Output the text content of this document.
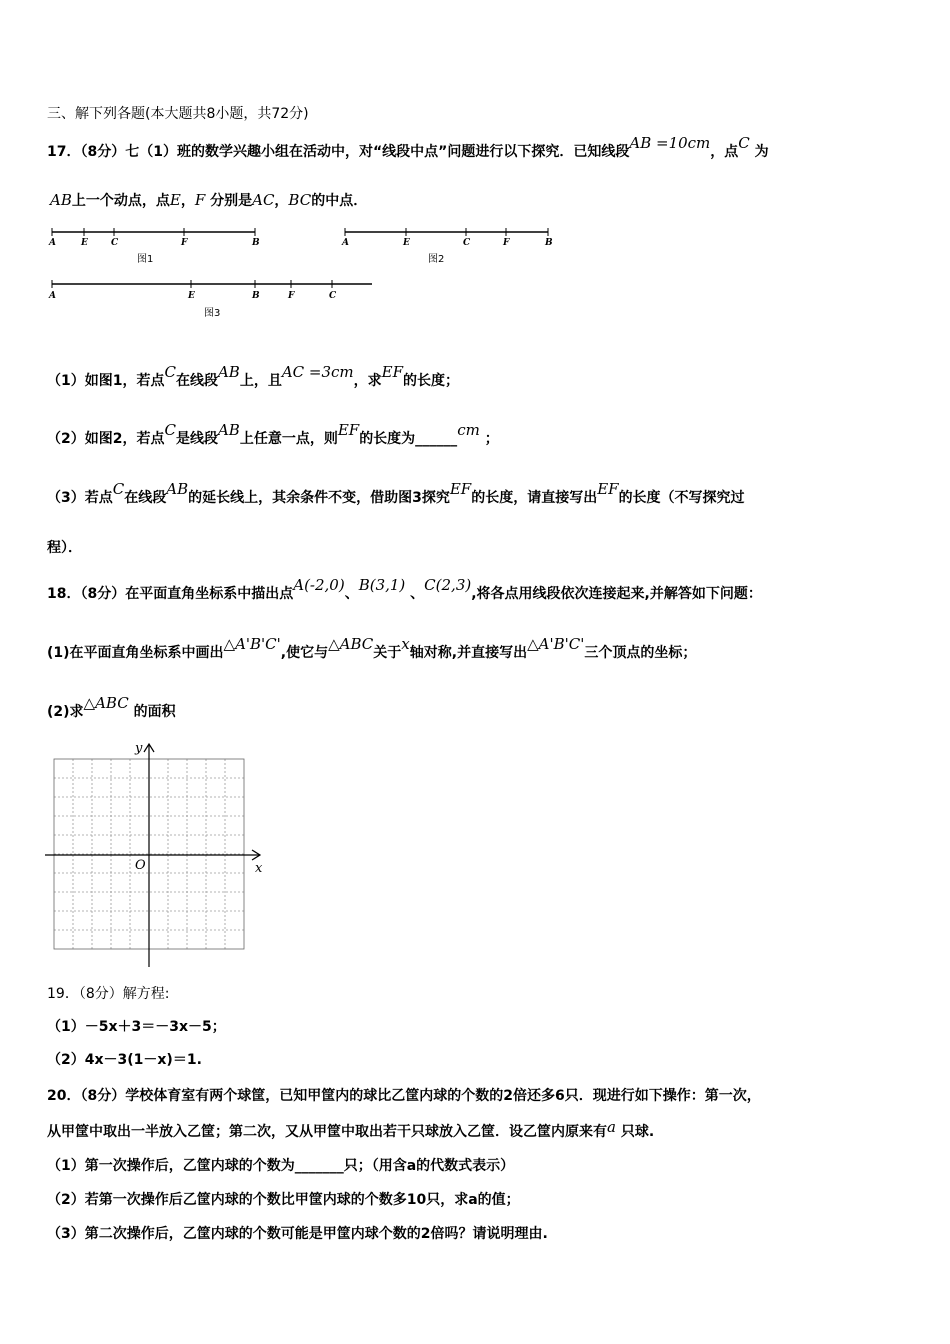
三、解下列各题(本大题共8小题，共72分)
17．（8分）七（1）班的数学兴趣小组在活动中，对“线段中点”问题进行以下探究．已知线段AB =10cm，点C 为
AB上一个动点，点E，F 分别是AC，BC的中点．
A	E	C	F	B
图1
A	E	C	F	B
图2
A	E	B	F	C
图3
（1）如图1，若点C在线段AB上，且AC =3cm，求EF的长度；
（2）如图2，若点C是线段AB上任意一点，则EF的长度为______cm ；
（3）若点C在线段AB的延长线上，其余条件不变，借助图3探究EF的长度，请直接写出EF的长度（不写探究过
程）．
18．（8分）在平面直角坐标系中描出点A(-2,0)、B(3,1) 、C(2,3),将各点用线段依次连接起来,并解答如下问题：
(1)在平面直角坐标系中画出△A'B'C',使它与△ABC关于x轴对称,并直接写出△A'B'C'三个顶点的坐标；
(2)求△ABC 的面积
x
y
O
19．（8分）解方程:
（1）－5x＋3＝－3x－5；
（2）4x－3(1－x)＝1.
20．（8分）学校体育室有两个球筐，已知甲筐内的球比乙筐内球的个数的2倍还多6只．现进行如下操作：第一次，
从甲筐中取出一半放入乙筐；第二次，又从甲筐中取出若干只球放入乙筐．设乙筐内原来有a 只球.
（1）第一次操作后，乙筐内球的个数为_______只；（用含a的代数式表示）
（2）若第一次操作后乙筐内球的个数比甲筐内球的个数多10只，求a的值；
（3）第二次操作后，乙筐内球的个数可能是甲筐内球个数的2倍吗？请说明理由.
